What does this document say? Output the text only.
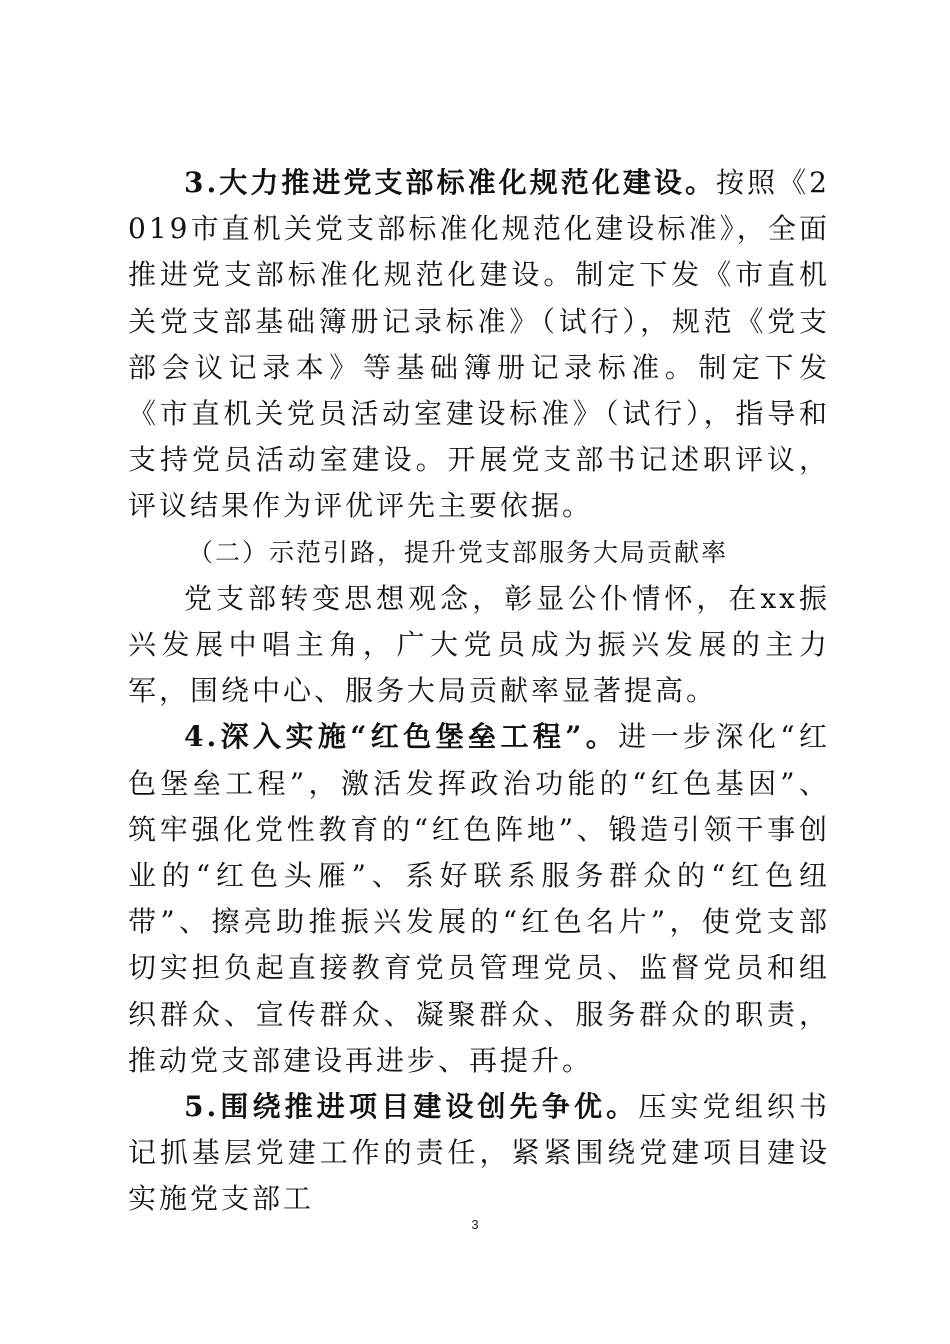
3.大力推进党支部标准化规范化建设。按照《2019市直机关党支部标准化规范化建设标准》，全面推进党支部标准化规范化建设。制定下发《市直机关党支部基础簿册记录标准》（试行），规范《党支部会议记录本》等基础簿册记录标准。制定下发《市直机关党员活动室建设标准》（试行），指导和支持党员活动室建设。开展党支部书记述职评议，评议结果作为评优评先主要依据。

（二）示范引路，提升党支部服务大局贡献率

党支部转变思想观念，彰显公仆情怀，在xx振兴发展中唱主角，广大党员成为振兴发展的主力军，围绕中心、服务大局贡献率显著提高。

4.深入实施“红色堡垒工程”。进一步深化“红色堡垒工程”，激活发挥政治功能的“红色基因”、筑牢强化党性教育的“红色阵地”、锻造引领干事创业的“红色头雁”、系好联系服务群众的“红色纽带”、擦亮助推振兴发展的“红色名片”，使党支部切实担负起直接教育党员管理党员、监督党员和组织群众、宣传群众、凝聚群众、服务群众的职责，推动党支部建设再进步、再提升。

5.围绕推进项目建设创先争优。压实党组织书记抓基层党建工作的责任，紧紧围绕党建项目建设实施党支部工

3
